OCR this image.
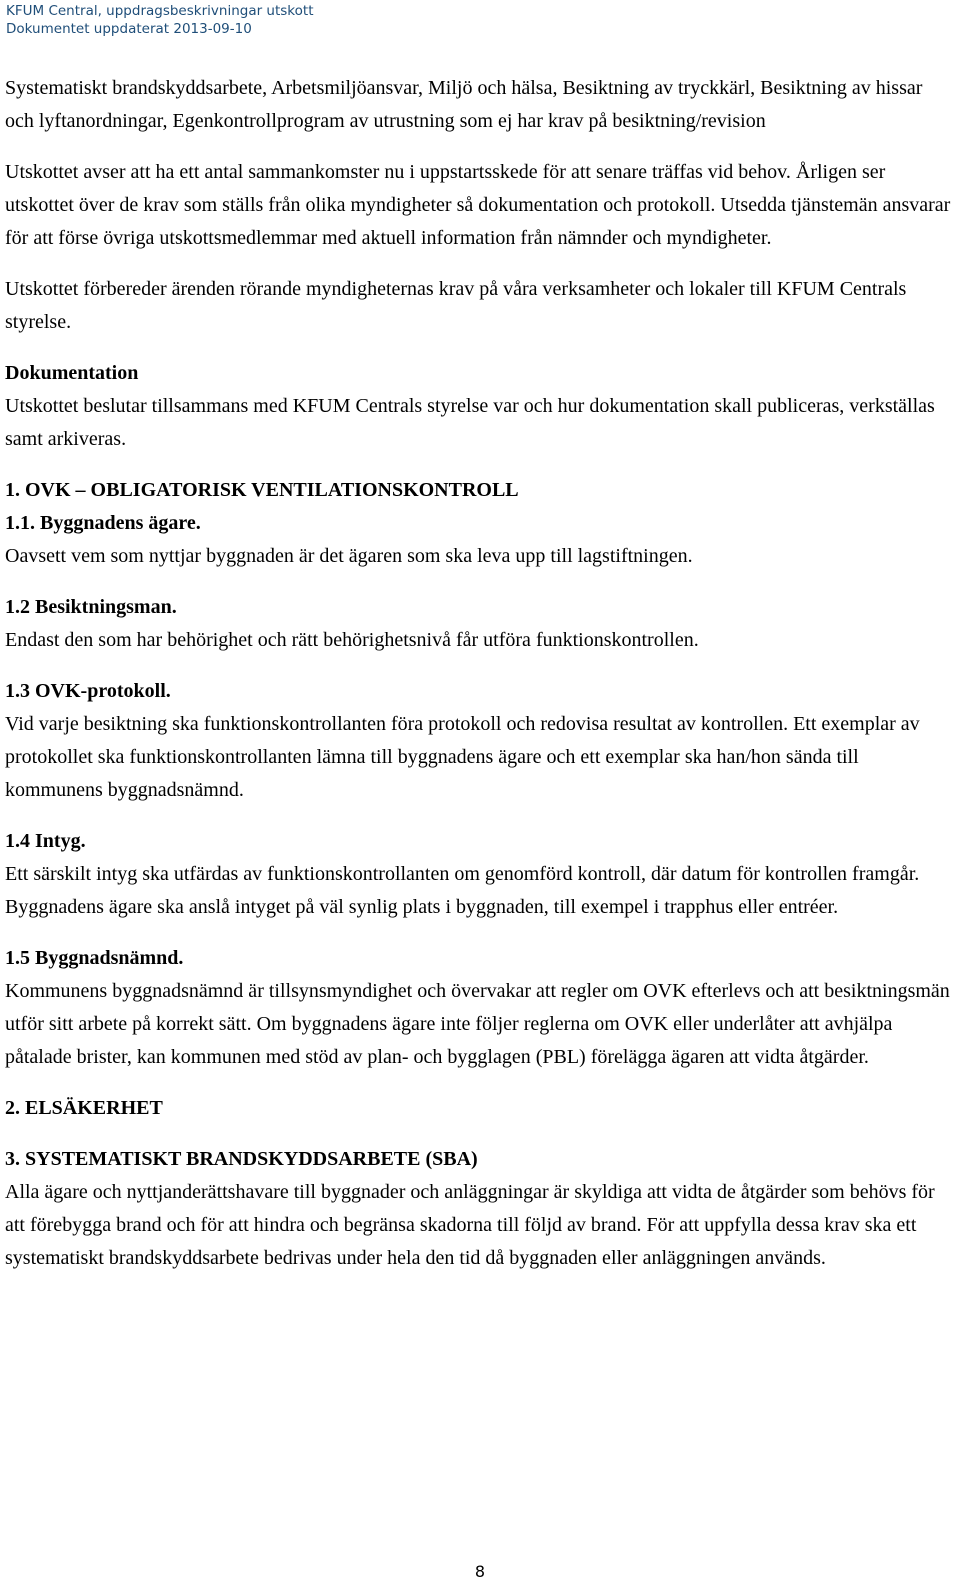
KFUM Central, uppdragsbeskrivningar utskott
Dokumentet uppdaterat 2013-09-10

Systematiskt brandskyddsarbete, Arbetsmiljöansvar, Miljö och hälsa, Besiktning av tryckkärl, Besiktning av hissar och lyftanordningar, Egenkontrollprogram av utrustning som ej har krav på besiktning/revision

Utskottet avser att ha ett antal sammankomster nu i uppstartsskede för att senare träffas vid behov. Årligen ser utskottet över de krav som ställs från olika myndigheter så dokumentation och protokoll. Utsedda tjänstemän ansvarar för att förse övriga utskottsmedlemmar med aktuell information från nämnder och myndigheter.

Utskottet förbereder ärenden rörande myndigheternas krav på våra verksamheter och lokaler till KFUM Centrals styrelse.

Dokumentation

Utskottet beslutar tillsammans med KFUM Centrals styrelse var och hur dokumentation skall publiceras, verkställas samt arkiveras.

1. OVK – OBLIGATORISK VENTILATIONSKONTROLL

1.1. Byggnadens ägare.

Oavsett vem som nyttjar byggnaden är det ägaren som ska leva upp till lagstiftningen.

1.2 Besiktningsman.

Endast den som har behörighet och rätt behörighetsnivå får utföra funktionskontrollen.

1.3 OVK-protokoll.

Vid varje besiktning ska funktionskontrollanten föra protokoll och redovisa resultat av kontrollen. Ett exemplar av protokollet ska funktionskontrollanten lämna till byggnadens ägare och ett exemplar ska han/hon sända till kommunens byggnadsnämnd.

1.4 Intyg.

Ett särskilt intyg ska utfärdas av funktionskontrollanten om genomförd kontroll, där datum för kontrollen framgår. Byggnadens ägare ska anslå intyget på väl synlig plats i byggnaden, till exempel i trapphus eller entréer.

1.5 Byggnadsnämnd.

Kommunens byggnadsnämnd är tillsynsmyndighet och övervakar att regler om OVK efterlevs och att besiktningsmän utför sitt arbete på korrekt sätt. Om byggnadens ägare inte följer reglerna om OVK eller underlåter att avhjälpa påtalade brister, kan kommunen med stöd av plan- och bygglagen (PBL) förelägga ägaren att vidta åtgärder.

2. ELSÄKERHET

3. SYSTEMATISKT BRANDSKYDDSARBETE (SBA)

Alla ägare och nyttjanderättshavare till byggnader och anläggningar är skyldiga att vidta de åtgärder som behövs för att förebygga brand och för att hindra och begränsa skadorna till följd av brand. För att uppfylla dessa krav ska ett systematiskt brandskyddsarbete bedrivas under hela den tid då byggnaden eller anläggningen används.

8
